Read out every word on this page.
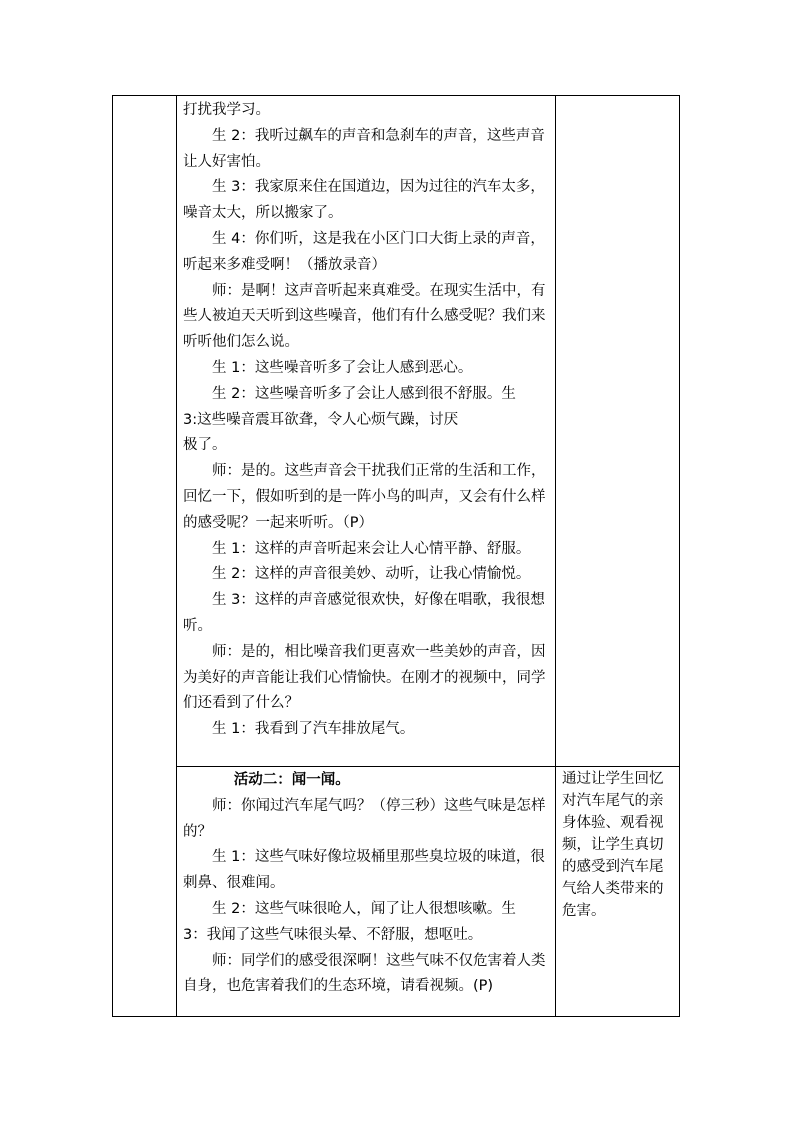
打扰我学习。

生 2：我听过飙车的声音和急刹车的声音，这些声音让人好害怕。

生 3：我家原来住在国道边，因为过往的汽车太多，噪音太大，所以搬家了。

生 4：你们听，这是我在小区门口大街上录的声音，听起来多难受啊！（播放录音）

师：是啊！这声音听起来真难受。在现实生活中，有些人被迫天天听到这些噪音，他们有什么感受呢？我们来听听他们怎么说。

生 1：这些噪音听多了会让人感到恶心。

生 2：这些噪音听多了会让人感到很不舒服。生

3:这些噪音震耳欲聋，令人心烦气躁，讨厌

极了。

师：是的。这些声音会干扰我们正常的生活和工作，回忆一下，假如听到的是一阵小鸟的叫声，又会有什么样的感受呢？一起来听听。（P）

生 1：这样的声音听起来会让人心情平静、舒服。

生 2：这样的声音很美妙、动听，让我心情愉悦。

生 3：这样的声音感觉很欢快，好像在唱歌，我很想听。

师：是的，相比噪音我们更喜欢一些美妙的声音，因为美好的声音能让我们心情愉快。在刚才的视频中，同学们还看到了什么？

生 1：我看到了汽车排放尾气。

活动二：闻一闻。

师：你闻过汽车尾气吗？（停三秒）这些气味是怎样的？

生 1：这些气味好像垃圾桶里那些臭垃圾的味道，很刺鼻、很难闻。

生 2：这些气味很呛人，闻了让人很想咳嗽。生

3：我闻了这些气味很头晕、不舒服，想呕吐。

师：同学们的感受很深啊！这些气味不仅危害着人类自身，也危害着我们的生态环境，请看视频。(P)

通过让学生回忆对汽车尾气的亲身体验、观看视频，让学生真切的感受到汽车尾气给人类带来的危害。
